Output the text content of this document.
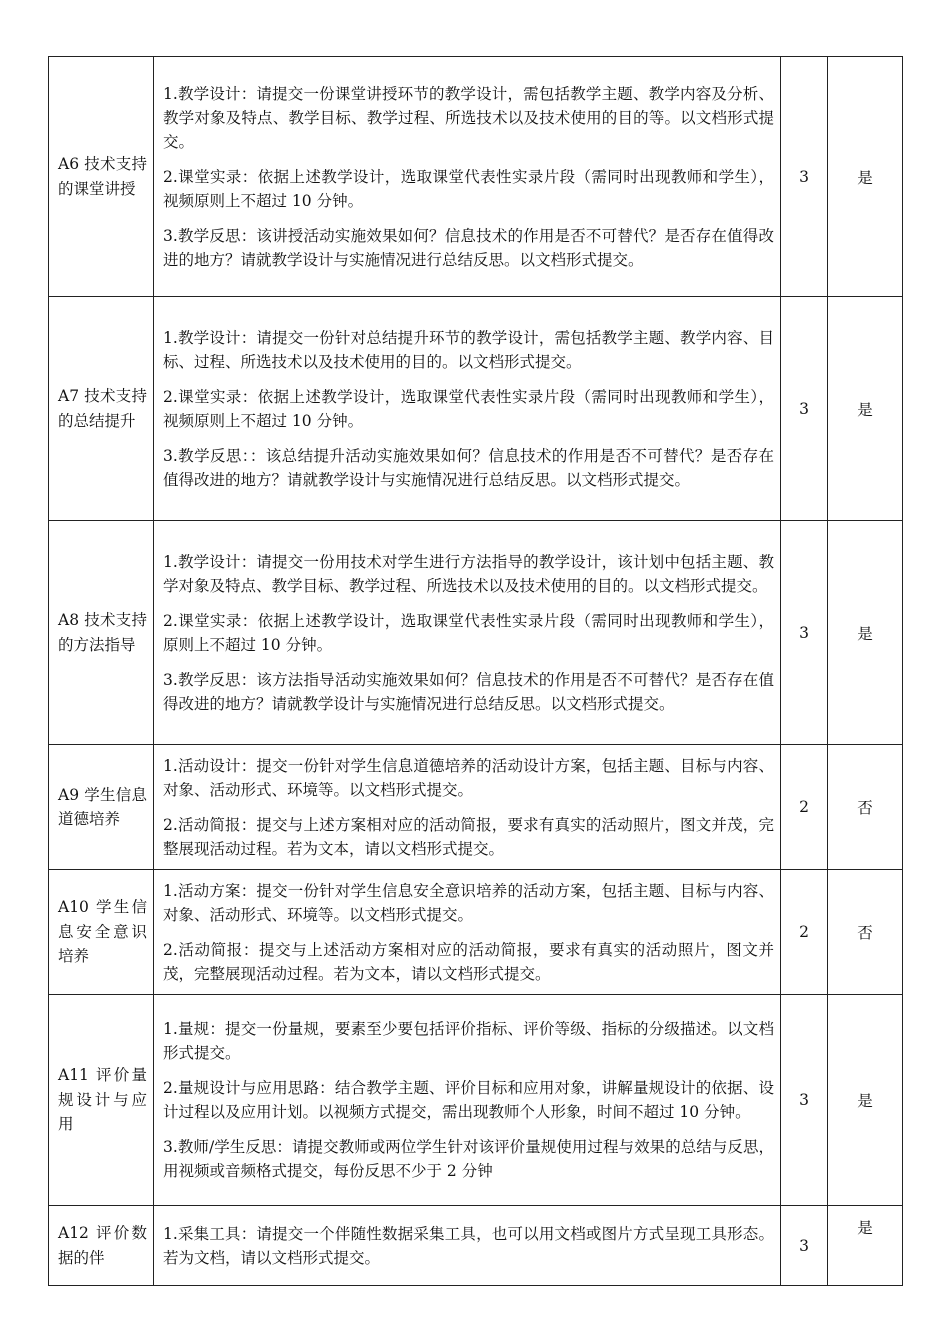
A6 技术支持的课堂讲授	1.教学设计：请提交一份课堂讲授环节的教学设计，需包括教学主题、教学内容及分析、教学对象及特点、教学目标、教学过程、所选技术以及技术使用的目的等。以文档形式提交。

2.课堂实录：依据上述教学设计，选取课堂代表性实录片段（需同时出现教师和学生），视频原则上不超过 10 分钟。

3.教学反思：该讲授活动实施效果如何？信息技术的作用是否不可替代？是否存在值得改进的地方？请就教学设计与实施情况进行总结反思。以文档形式提交。	3	是
A7 技术支持的总结提升	1.教学设计：请提交一份针对总结提升环节的教学设计，需包括教学主题、教学内容、目标、过程、所选技术以及技术使用的目的。以文档形式提交。

2.课堂实录：依据上述教学设计，选取课堂代表性实录片段（需同时出现教师和学生），视频原则上不超过 10 分钟。

3.教学反思：：该总结提升活动实施效果如何？信息技术的作用是否不可替代？是否存在值得改进的地方？请就教学设计与实施情况进行总结反思。以文档形式提交。	3	是
A8 技术支持的方法指导	1.教学设计：请提交一份用技术对学生进行方法指导的教学设计，该计划中包括主题、教学对象及特点、教学目标、教学过程、所选技术以及技术使用的目的。以文档形式提交。

2.课堂实录：依据上述教学设计，选取课堂代表性实录片段（需同时出现教师和学生），原则上不超过 10 分钟。

3.教学反思：该方法指导活动实施效果如何？信息技术的作用是否不可替代？是否存在值得改进的地方？请就教学设计与实施情况进行总结反思。以文档形式提交。	3	是
A9 学生信息道德培养	1.活动设计：提交一份针对学生信息道德培养的活动设计方案，包括主题、目标与内容、对象、活动形式、环境等。以文档形式提交。

2.活动简报：提交与上述方案相对应的活动简报，要求有真实的活动照片，图文并茂，完整展现活动过程。若为文本，请以文档形式提交。	2	否
A10 学生信息安全意识培养	1.活动方案：提交一份针对学生信息安全意识培养的活动方案，包括主题、目标与内容、对象、活动形式、环境等。以文档形式提交。

2.活动简报：提交与上述活动方案相对应的活动简报，要求有真实的活动照片，图文并茂，完整展现活动过程。若为文本，请以文档形式提交。	2	否
A11 评价量规设计与应用	1.量规：提交一份量规，要素至少要包括评价指标、评价等级、指标的分级描述。以文档形式提交。

2.量规设计与应用思路：结合教学主题、评价目标和应用对象，讲解量规设计的依据、设计过程以及应用计划。以视频方式提交，需出现教师个人形象，时间不超过 10 分钟。

3.教师/学生反思：请提交教师或两位学生针对该评价量规使用过程与效果的总结与反思，用视频或音频格式提交，每份反思不少于 2 分钟	3	是
A12 评价数据的伴	1.采集工具：请提交一个伴随性数据采集工具，也可以用文档或图片方式呈现工具形态。若为文档，请以文档形式提交。	3	是
